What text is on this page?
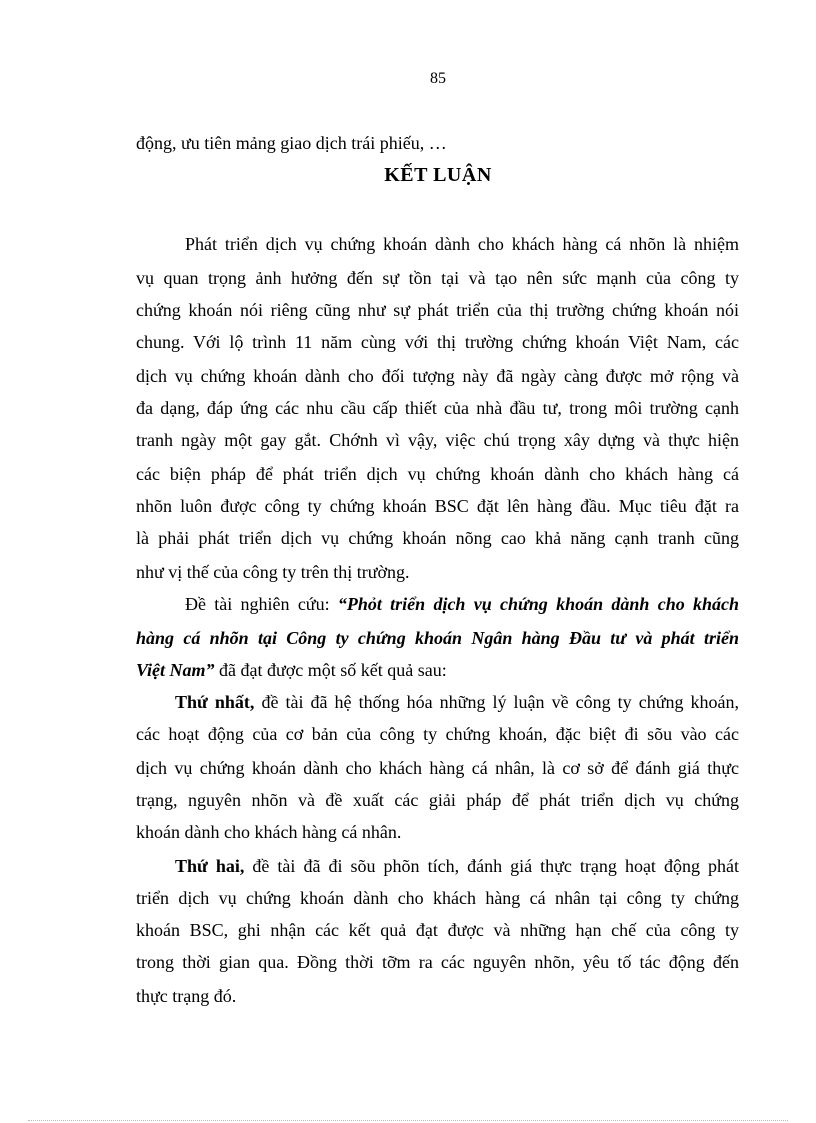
85
động, ưu tiên mảng giao dịch trái phiếu, …
KẾT LUẬN
Phát triển dịch vụ chứng khoán dành cho khách hàng cá nhõn là nhiệm
vụ quan trọng ảnh hưởng đến sự tồn tại và tạo nên sức mạnh của công ty
chứng khoán nói riêng cũng như sự phát triển của thị trường chứng khoán nói
chung. Với lộ trình 11 năm cùng với thị trường chứng khoán Việt Nam, các
dịch vụ chứng khoán dành cho đối tượng này đã ngày càng được mở rộng và
đa dạng, đáp ứng các nhu cầu cấp thiết của nhà đầu tư, trong môi trường cạnh
tranh ngày một gay gắt. Chớnh vì vậy, việc chú trọng xây dựng và thực hiện
các biện pháp để phát triển dịch vụ chứng khoán dành cho khách hàng cá
nhõn luôn được công ty chứng khoán BSC đặt lên hàng đầu. Mục tiêu đặt ra
là phải phát triển dịch vụ chứng khoán nõng cao khả năng cạnh tranh cũng
như vị thế của công ty trên thị trường.
Đề tài nghiên cứu: “Phỏt triển dịch vụ chứng khoán dành cho khách
hàng cá nhõn tại Công ty chứng khoán Ngân hàng Đầu tư và phát triển
Việt Nam” đã đạt được một số kết quả sau:
Thứ nhất, đề tài đã hệ thống hóa những lý luận về công ty chứng khoán,
các hoạt động của cơ bản của công ty chứng khoán, đặc biệt đi sõu vào các
dịch vụ chứng khoán dành cho khách hàng cá nhân, là cơ sở để đánh giá thực
trạng, nguyên nhõn và đề xuất các giải pháp để phát triển dịch vụ chứng
khoán dành cho khách hàng cá nhân.
Thứ hai, đề tài đã đi sõu phõn tích, đánh giá thực trạng hoạt động phát
triển dịch vụ chứng khoán dành cho khách hàng cá nhân tại công ty chứng
khoán BSC, ghi nhận các kết quả đạt được và những hạn chế của công ty
trong thời gian qua. Đồng thời tỡm ra các nguyên nhõn, yêu tố tác động đến
thực trạng đó.
